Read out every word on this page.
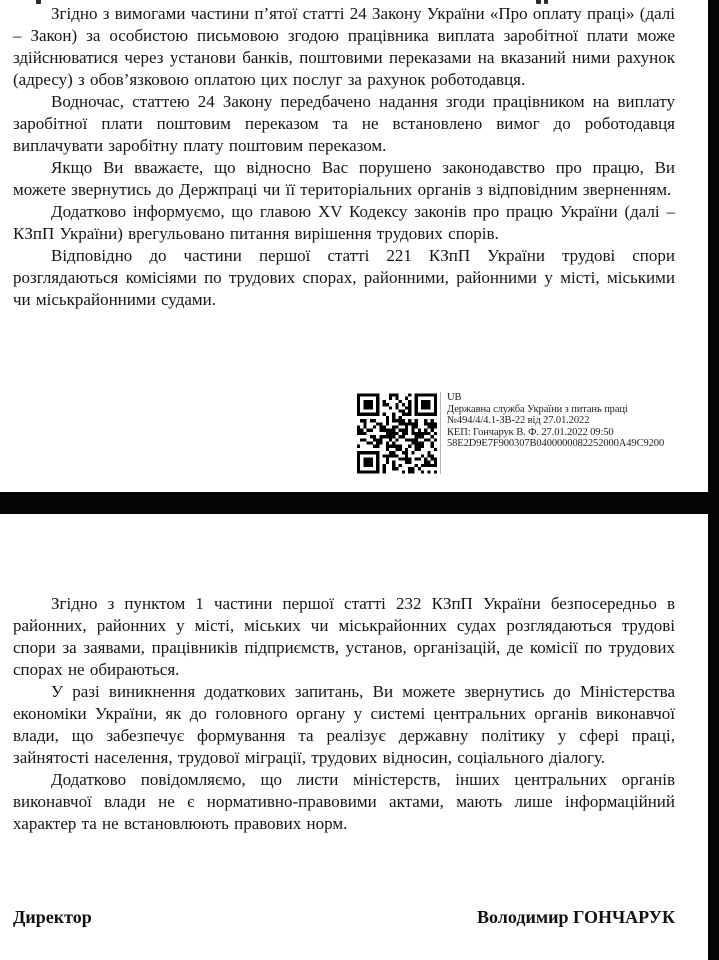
Згідно з вимогами частини п’ятої статті 24 Закону України «Про оплату праці» (далі – Закон) за особистою письмовою згодою працівника виплата заробітної плати може здійснюватися через установи банків, поштовими переказами на вказаний ними рахунок (адресу) з обов’язковою оплатою цих послуг за рахунок роботодавця.

Водночас, статтею 24 Закону передбачено надання згоди працівником на виплату заробітної плати поштовим переказом та не встановлено вимог до роботодавця виплачувати заробітну плату поштовим переказом.

Якщо Ви вважаєте, що відносно Вас порушено законодавство про працю, Ви можете звернутись до Держпраці чи її територіальних органів з відповідним зверненням.

Додатково інформуємо, що главою XV Кодексу законів про працю України (далі – КЗпП України) врегульовано питання вирішення трудових спорів.

Відповідно до частини першої статті 221 КЗпП України трудові спори розглядаються комісіями по трудових спорах, районними, районними у місті, міськими чи міськрайонними судами.

UB
Державна служба України з питань праці
№494/4/4.1-ЗВ-22 від 27.01.2022
КЕП: Гончарук В. Ф. 27.01.2022 09:50
58E2D9E7F900307B0400000082252000A49C9200

Згідно з пунктом 1 частини першої статті 232 КЗпП України безпосередньо в районних, районних у місті, міських чи міськрайонних судах розглядаються трудові спори за заявами, працівників підприємств, установ, організацій, де комісії по трудових спорах не обираються.

У разі виникнення додаткових запитань, Ви можете звернутись до Міністерства економіки України, як до головного органу у системі центральних органів виконавчої влади, що забезпечує формування та реалізує державну політику у сфері праці, зайнятості населення, трудової міграції, трудових відносин, соціального діалогу.

Додатково повідомляємо, що листи міністерств, інших центральних органів виконавчої влади не є нормативно-правовими актами, мають лише інформаційний характер та не встановлюють правових норм.

Директор	Володимир ГОНЧАРУК
